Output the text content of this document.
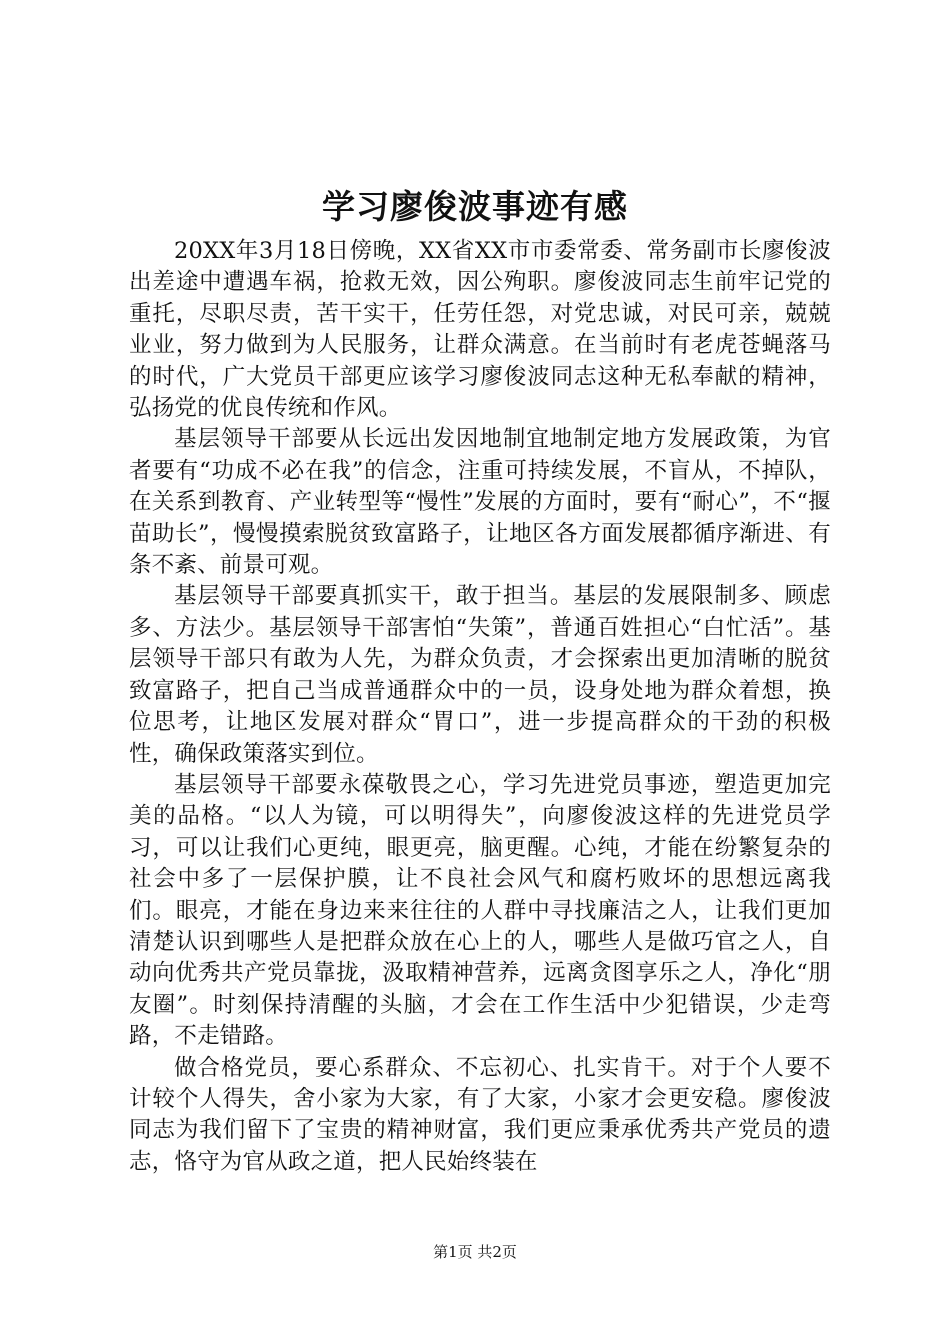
学习廖俊波事迹有感

20XX年3月18日傍晚，XX省XX市市委常委、常务副市长廖俊波出差途中遭遇车祸，抢救无效，因公殉职。廖俊波同志生前牢记党的重托，尽职尽责，苦干实干，任劳任怨，对党忠诚，对民可亲，兢兢业业，努力做到为人民服务，让群众满意。在当前时有老虎苍蝇落马的时代，广大党员干部更应该学习廖俊波同志这种无私奉献的精神，弘扬党的优良传统和作风。

基层领导干部要从长远出发因地制宜地制定地方发展政策，为官者要有“功成不必在我”的信念，注重可持续发展，不盲从，不掉队，在关系到教育、产业转型等“慢性”发展的方面时，要有“耐心”，不“揠苗助长”，慢慢摸索脱贫致富路子，让地区各方面发展都循序渐进、有条不紊、前景可观。

基层领导干部要真抓实干，敢于担当。基层的发展限制多、顾虑多、方法少。基层领导干部害怕“失策”，普通百姓担心“白忙活”。基层领导干部只有敢为人先，为群众负责，才会探索出更加清晰的脱贫致富路子，把自己当成普通群众中的一员，设身处地为群众着想，换位思考，让地区发展对群众“胃口”，进一步提高群众的干劲的积极性，确保政策落实到位。

基层领导干部要永葆敬畏之心，学习先进党员事迹，塑造更加完美的品格。“以人为镜，可以明得失”，向廖俊波这样的先进党员学习，可以让我们心更纯，眼更亮，脑更醒。心纯，才能在纷繁复杂的社会中多了一层保护膜，让不良社会风气和腐朽败坏的思想远离我们。眼亮，才能在身边来来往往的人群中寻找廉洁之人，让我们更加清楚认识到哪些人是把群众放在心上的人，哪些人是做巧官之人，自动向优秀共产党员靠拢，汲取精神营养，远离贪图享乐之人，净化“朋友圈”。时刻保持清醒的头脑，才会在工作生活中少犯错误，少走弯路，不走错路。

做合格党员，要心系群众、不忘初心、扎实肯干。对于个人要不计较个人得失，舍小家为大家，有了大家，小家才会更安稳。廖俊波同志为我们留下了宝贵的精神财富，我们更应秉承优秀共产党员的遗志，恪守为官从政之道，把人民始终装在

第1页 共2页
